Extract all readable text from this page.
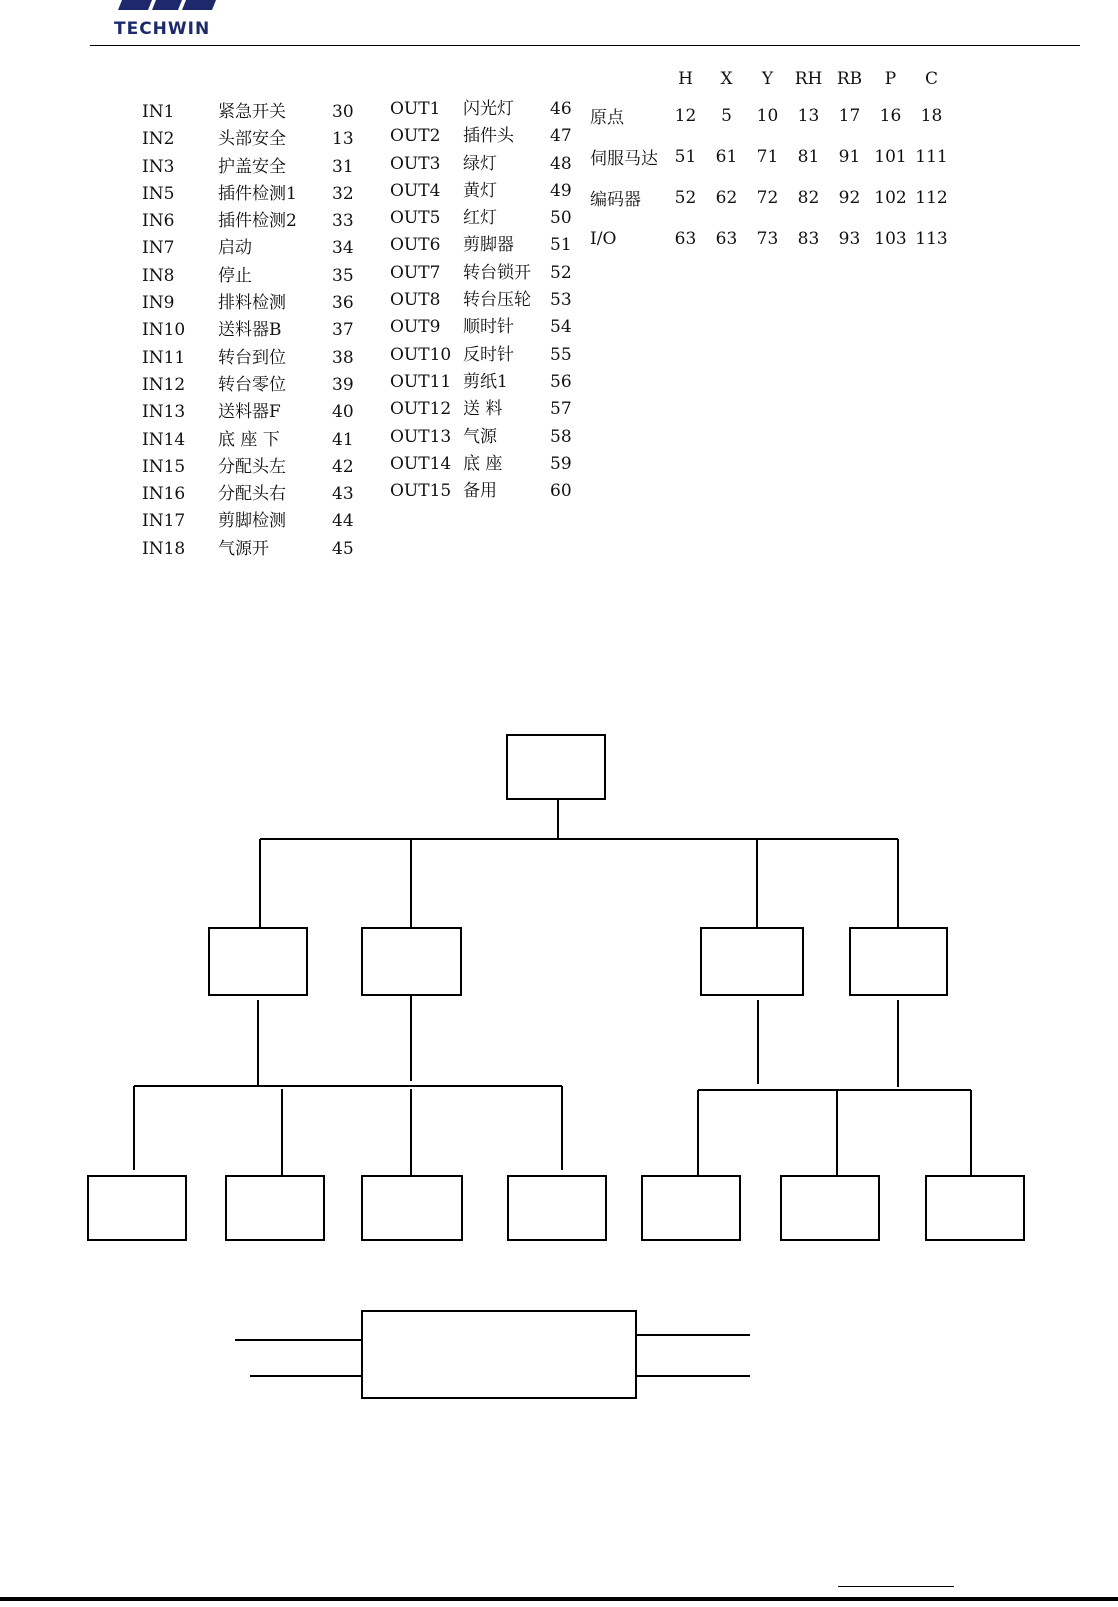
TECHWIN
IN1	紧急开关	30
IN2	头部安全	13
IN3	护盖安全	31
IN5	插件检测1 32
IN6	插件检测2 33
IN7	启动	34
IN8	停止	35
IN9	排料检测	36
IN10 送料器B	37
IN11 转台到位	38
IN12 转台零位	39
IN13 送料器F	40
IN14 底 座 下	41
IN15 分配头左	42
IN16 分配头右	43
IN17 剪脚检测	44
IN18 气源开	45
OUT1 闪光灯 46
OUT2 插件头 47
OUT3 绿灯	48
OUT4 黄灯	49
OUT5 红灯	50
OUT6 剪脚器 51
OUT7 转台锁开 52
OUT8 转台压轮 53
OUT9 顺时针 54
OUT10 反时针 55
OUT11 剪纸1 56
OUT12 送 料	57
OUT13 气源	58
OUT14 底 座	59
OUT15 备用	60
	H	X	Y	RH	RB	P	C
原点	12	5	10	13	17	16	18
伺服马达	51	61	71	81	91	101	111
编码器	52	62	72	82	92	102	112
I/O	63	63	73	83	93	103	113
